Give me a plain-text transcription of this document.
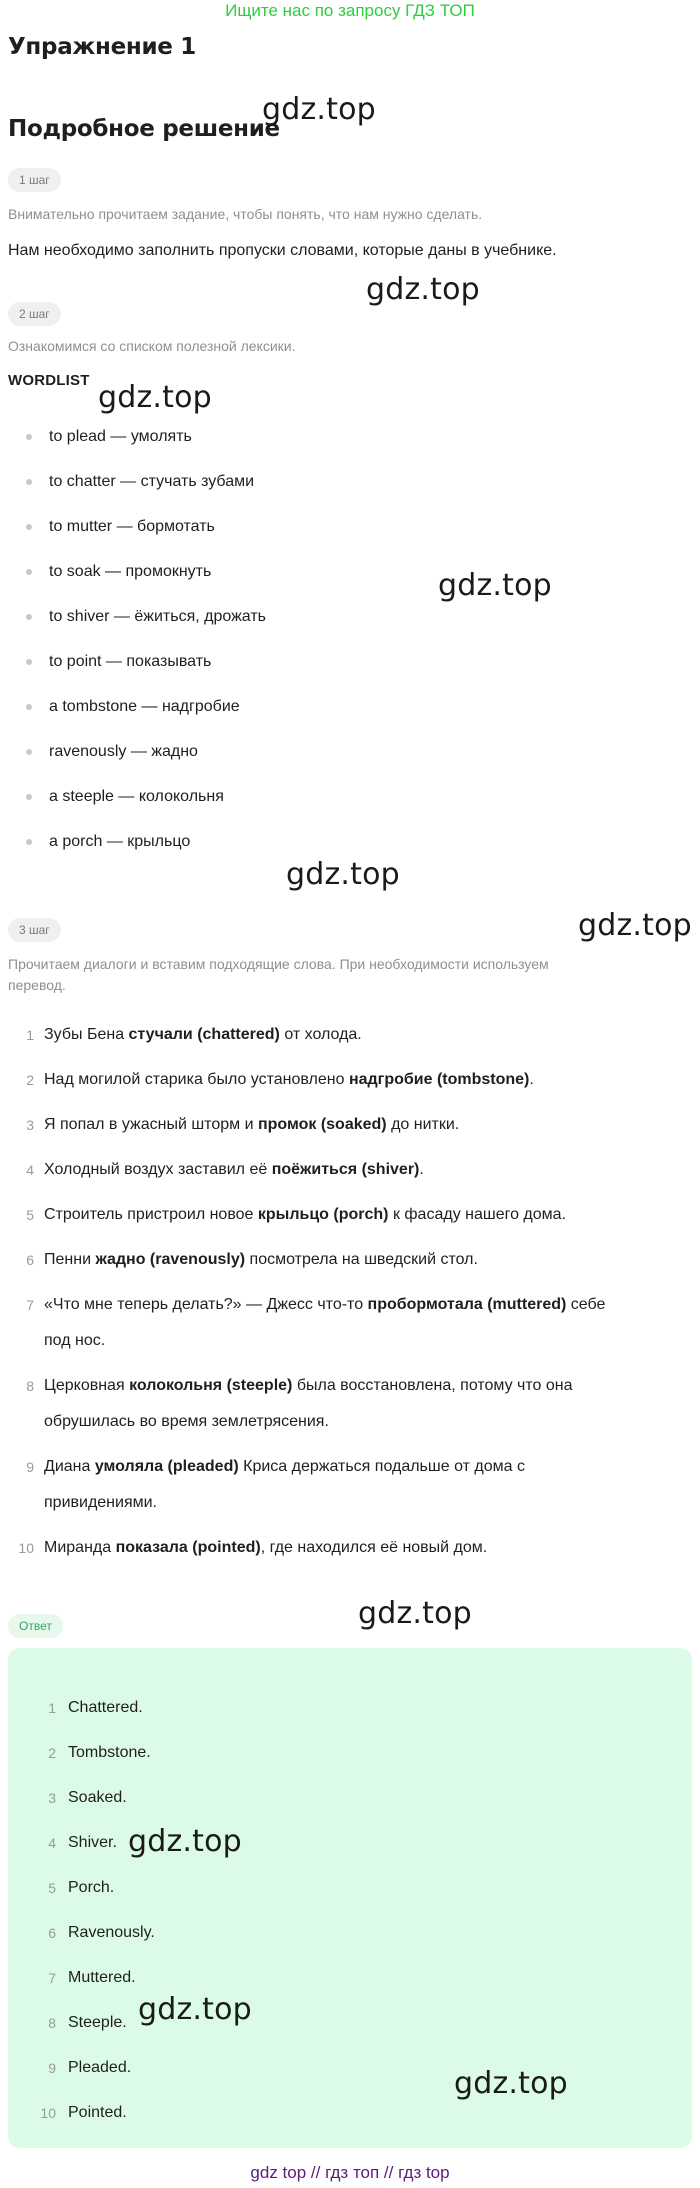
Ищите нас по запросу ГДЗ ТОП
Упражнение 1
Подробное решение
1 шаг
Внимательно прочитаем задание, чтобы понять, что нам нужно сделать.
Нам необходимо заполнить пропуски словами, которые даны в учебнике.
2 шаг
Ознакомимся со списком полезной лексики.
WORDLIST
to plead — умолять
to chatter — стучать зубами
to mutter — бормотать
to soak — промокнуть
to shiver — ёжиться, дрожать
to point — показывать
a tombstone — надгробие
ravenously — жадно
a steeple — колокольня
a porch — крыльцо
3 шаг
Прочитаем диалоги и вставим подходящие слова. При необходимости используем
перевод.
1 Зубы Бена стучали (chattered) от холода.
2 Над могилой старика было установлено надгробие (tombstone).
3 Я попал в ужасный шторм и промок (soaked) до нитки.
4 Холодный воздух заставил её поёжиться (shiver).
5 Строитель пристроил новое крыльцо (porch) к фасаду нашего дома.
6 Пенни жадно (ravenously) посмотрела на шведский стол.
7 «Что мне теперь делать?» — Джесс что-то пробормотала (muttered) себе
под нос.
8 Церковная колокольня (steeple) была восстановлена, потому что она
обрушилась во время землетрясения.
9 Диана умоляла (pleaded) Криса держаться подальше от дома с
привидениями.
10 Миранда показала (pointed), где находился её новый дом.
Ответ
1 Chattered.
2 Tombstone.
3 Soaked.
4 Shiver.
5 Porch.
6 Ravenously.
7 Muttered.
8 Steeple.
9 Pleaded.
10 Pointed.
gdz.top
gdz.top
gdz.top
gdz.top
gdz.top
gdz.top
gdz.top
gdz.top
gdz.top
gdz.top
gdz top // гдз топ // гдз top
